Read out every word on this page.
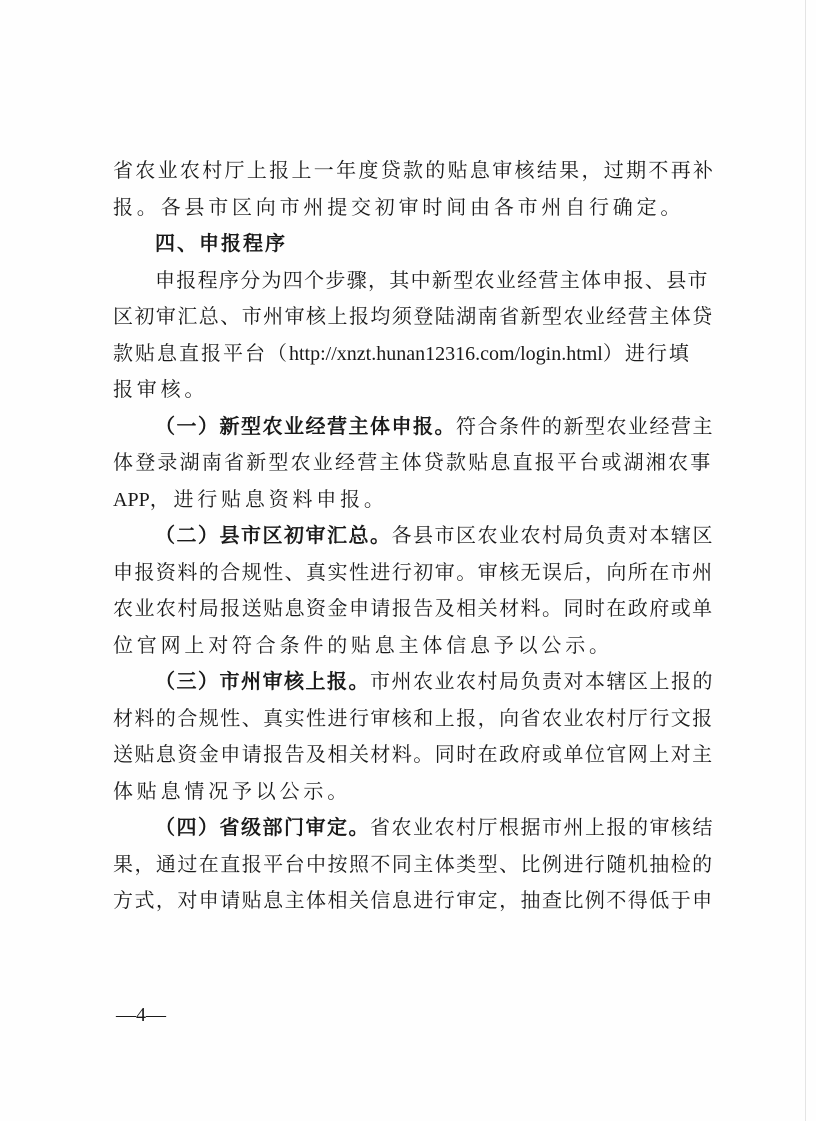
省农业农村厅上报上一年度贷款的贴息审核结果，过期不再补
报。各县市区向市州提交初审时间由各市州自行确定。
四、申报程序
申报程序分为四个步骤，其中新型农业经营主体申报、县市
区初审汇总、市州审核上报均须登陆湖南省新型农业经营主体贷
款贴息直报平台（http://xnzt.hunan12316.com/login.html）进行填
报审核。
（一）新型农业经营主体申报。符合条件的新型农业经营主
体登录湖南省新型农业经营主体贷款贴息直报平台或湖湘农事
APP，进行贴息资料申报。
（二）县市区初审汇总。各县市区农业农村局负责对本辖区
申报资料的合规性、真实性进行初审。审核无误后，向所在市州
农业农村局报送贴息资金申请报告及相关材料。同时在政府或单
位官网上对符合条件的贴息主体信息予以公示。
（三）市州审核上报。市州农业农村局负责对本辖区上报的
材料的合规性、真实性进行审核和上报，向省农业农村厅行文报
送贴息资金申请报告及相关材料。同时在政府或单位官网上对主
体贴息情况予以公示。
（四）省级部门审定。省农业农村厅根据市州上报的审核结
果，通过在直报平台中按照不同主体类型、比例进行随机抽检的
方式，对申请贴息主体相关信息进行审定，抽查比例不得低于申
—4—
